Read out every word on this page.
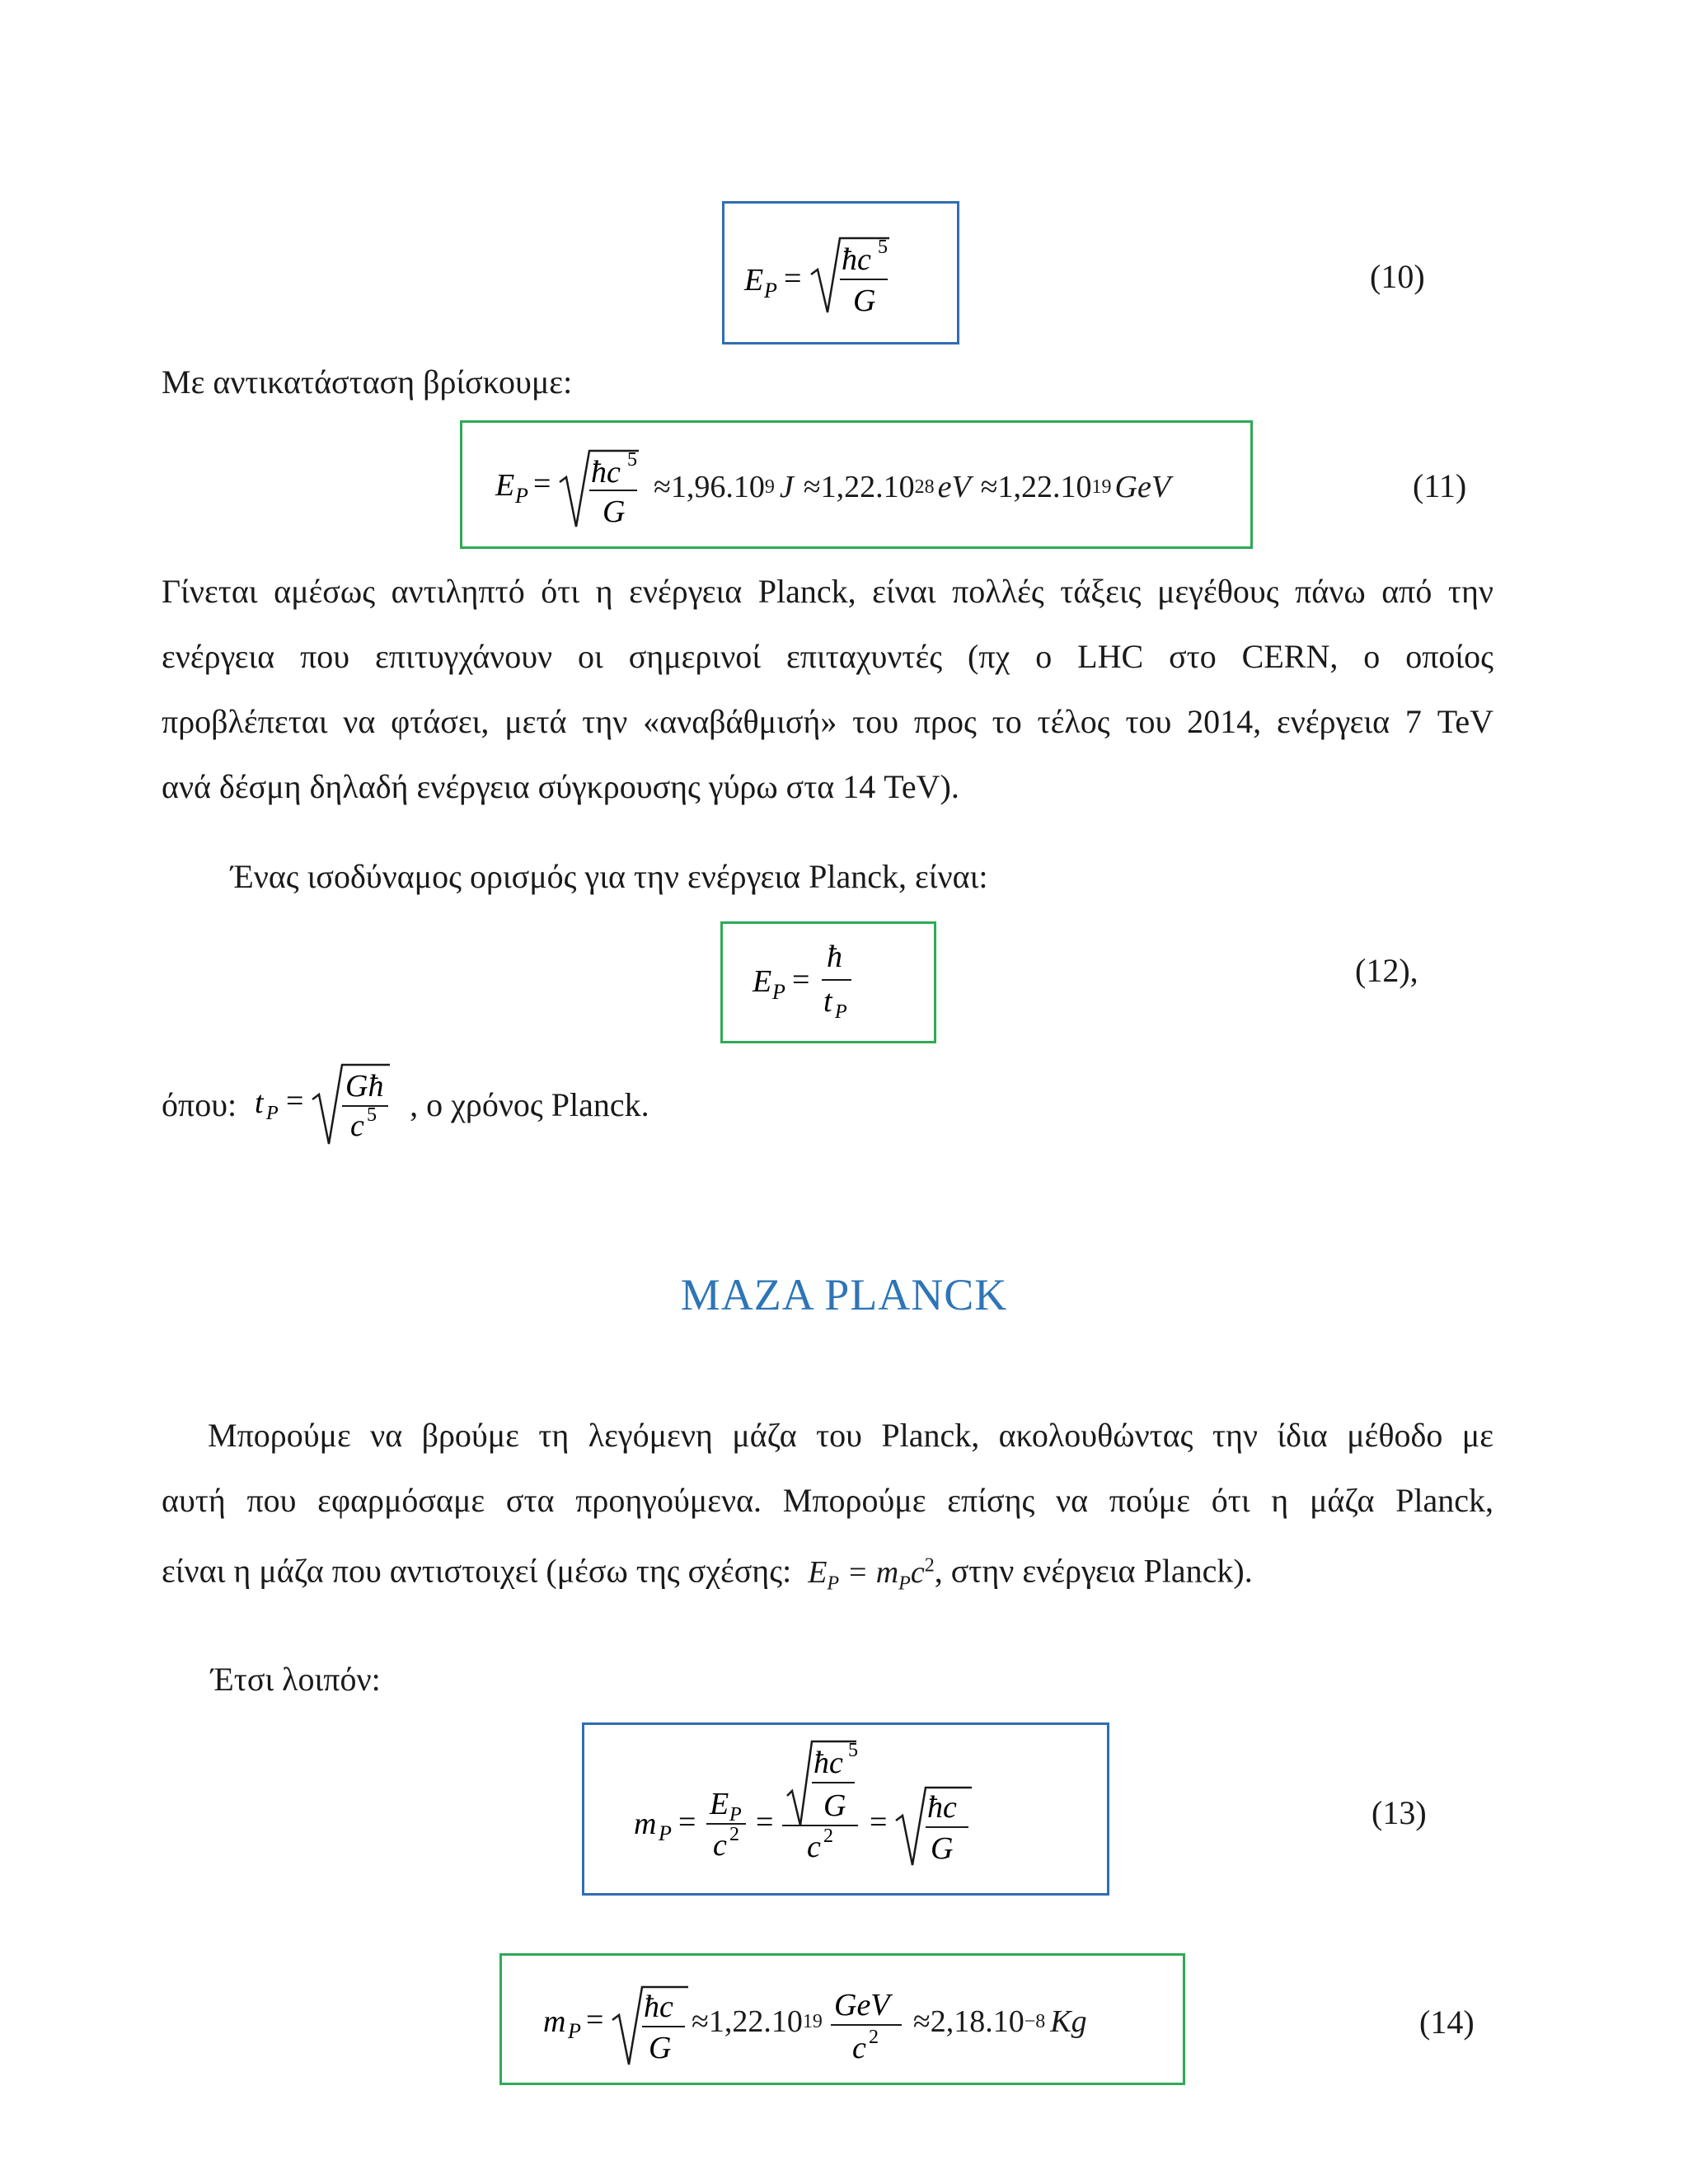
E P =
ħc 5
G
(10)
Με αντικατάσταση βρίσκουμε:
E P = ħc 5
G
≈1,96.10 9 J ≈1,22.10 28 eV ≈1,22.10 19 GeV	(11)
Γίνεται αμέσως αντιληπτό ότι η ενέργεια Planck, είναι πολλές τάξεις μεγέθους πάνω από την
ενέργεια που επιτυγχάνουν οι σημερινοί επιταχυντές (πχ ο LHC στο CERN, ο οποίος
προβλέπεται να φτάσει, μετά την «αναβάθμισή» του προς το τέλος του 2014, ενέργεια 7 TeV
ανά δέσμη δηλαδή ενέργεια σύγκρουσης γύρω στα 14 TeV).
Ένας ισοδύναμος ορισμός για την ενέργεια Planck, είναι:
E P =
ħ
t P
(12),
όπου: t P = Għ
c 5 , ο χρόνος Planck.
ΜΑΖΑ PLANCK
Μπορούμε να βρούμε τη λεγόμενη μάζα του Planck, ακολουθώντας την ίδια μέθοδο με
αυτή που εφαρμόσαμε στα προηγούμενα. Μπορούμε επίσης να πούμε ότι η μάζα Planck,
είναι η μάζα που αντιστοιχεί (μέσω της σχέσης: $E_P = m_Pc^2$, στην ενέργεια Planck).
Έτσι λοιπόν:
m P =
E P
c 2 =
ħc 5
G
c 2 = ħc
G
(13)
m P = ħc
G
≈1,22.10 19 GeV
c 2 ≈2,18.10 −8 Kg	(14)
